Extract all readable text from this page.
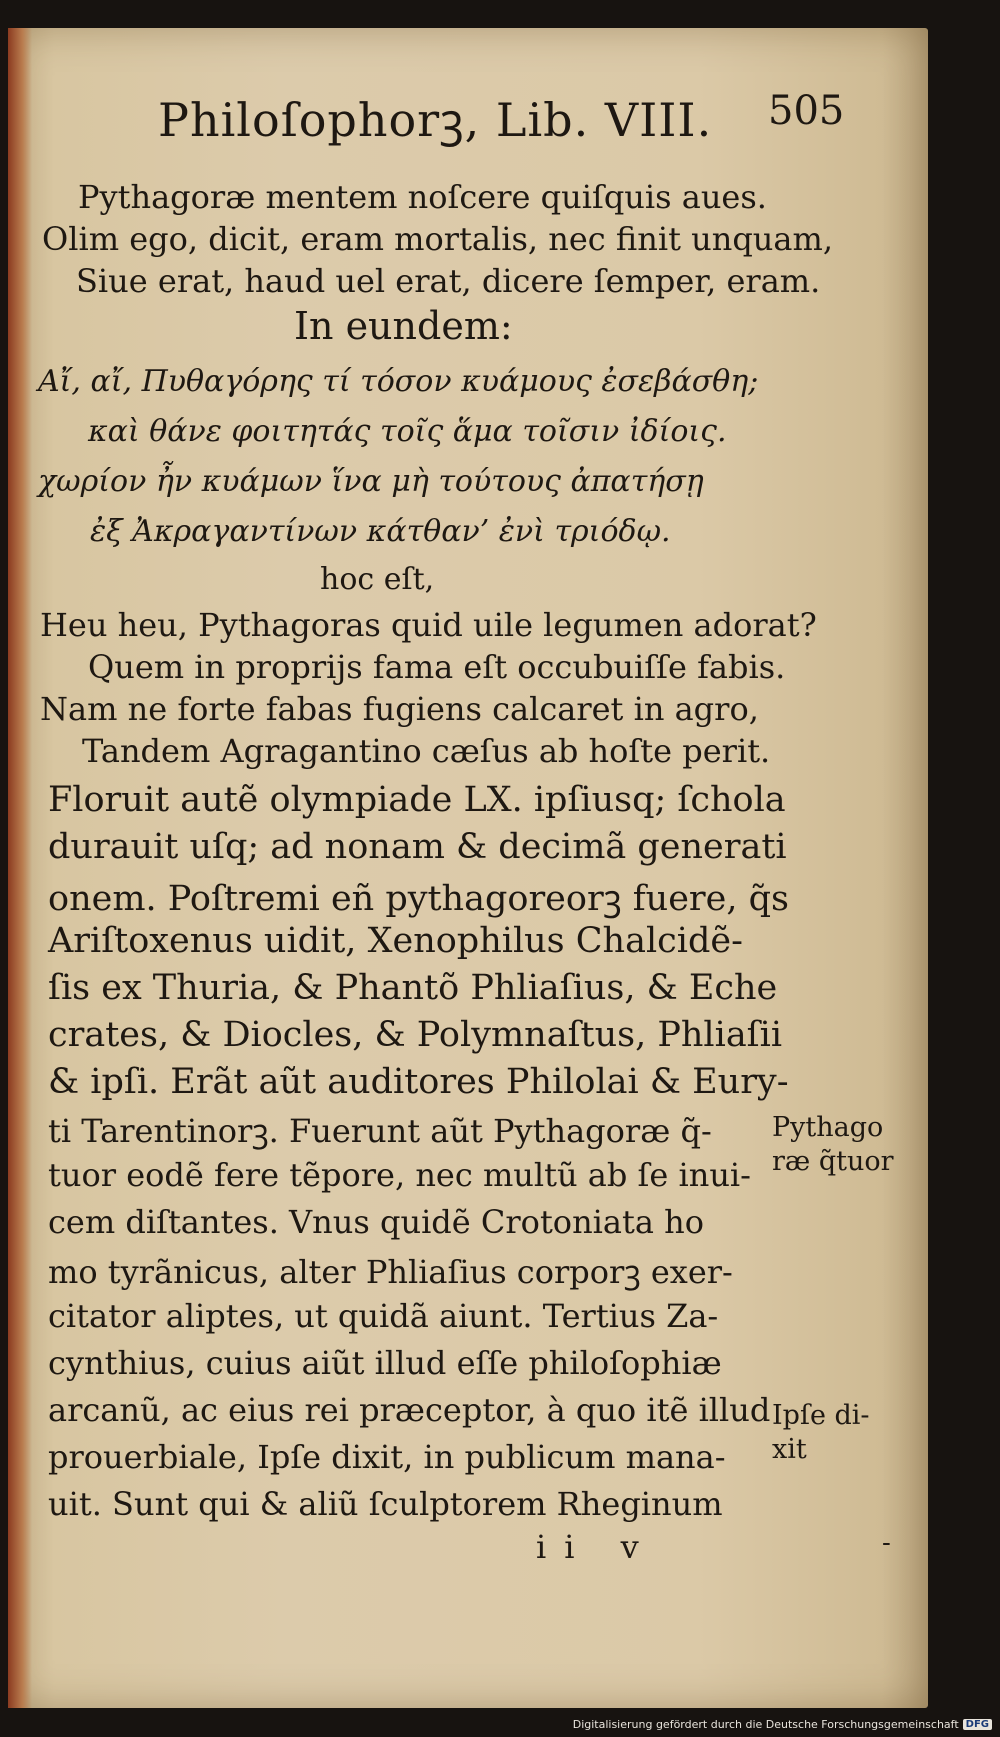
Philoſophorꝫ, Lib. VIII. 505
Pythagoræ mentem noſcere quiſquis aues.
Olim ego, dicit, eram mortalis, nec finit unquam,
Siue erat, haud uel erat, dicere ſemper, eram.
In eundem:
Αἴ, αἴ, Πυθαγόρης τί τόσον κυάμους ἐσεβάσθη;
καὶ θάνε φοιτητάς τοῖς ἅμα τοῖσιν ἰδίοις.
χωρίον ἦν κυάμων ἵνα μὴ τούτους ἀπατήσῃ
ἐξ Ἀκραγαντίνων κάτθαν’ ἐνὶ τριόδῳ.
hoc eſt,
Heu heu, Pythagoras quid uile legumen adorat?
Quem in proprijs fama eſt occubuiſſe fabis.
Nam ne forte fabas fugiens calcaret in agro,
Tandem Agragantino cæſus ab hoſte perit.
Floruit autẽ olympiade LX. ipſiusq; ſchola
durauit uſq; ad nonam & decimã generati
onem. Poſtremi eñ pythagoreorꝫ fuere, q̃s
Ariſtoxenus uidit, Xenophilus Chalcidẽ-
ſis ex Thuria, & Phantõ Phliaſius, & Eche
crates, & Diocles, & Polymnaſtus, Phliaſii
& ipſi. Erãt aũt auditores Philolai & Eury-
ti Tarentinorꝫ. Fuerunt aũt Pythagoræ q̃-
tuor eodẽ fere tẽpore, nec multũ ab ſe inui-
cem diſtantes. Vnus quidẽ Crotoniata ho
mo tyrãnicus, alter Phliaſius corporꝫ exer-
citator aliptes, ut quidã aiunt. Tertius Za-
cynthius, cuius aiũt illud eſſe philoſophiæ
arcanũ, ac eius rei præceptor, à quo itẽ illud
prouerbiale, Ipſe dixit, in publicum mana-
uit. Sunt qui & aliũ ſculptorem Rheginum
Pythago
ræ q̃tuor
Ipſe di-
xit
ii v	-
Digitalisierung gefördert durch die Deutsche Forschungsgemeinschaft DFG
